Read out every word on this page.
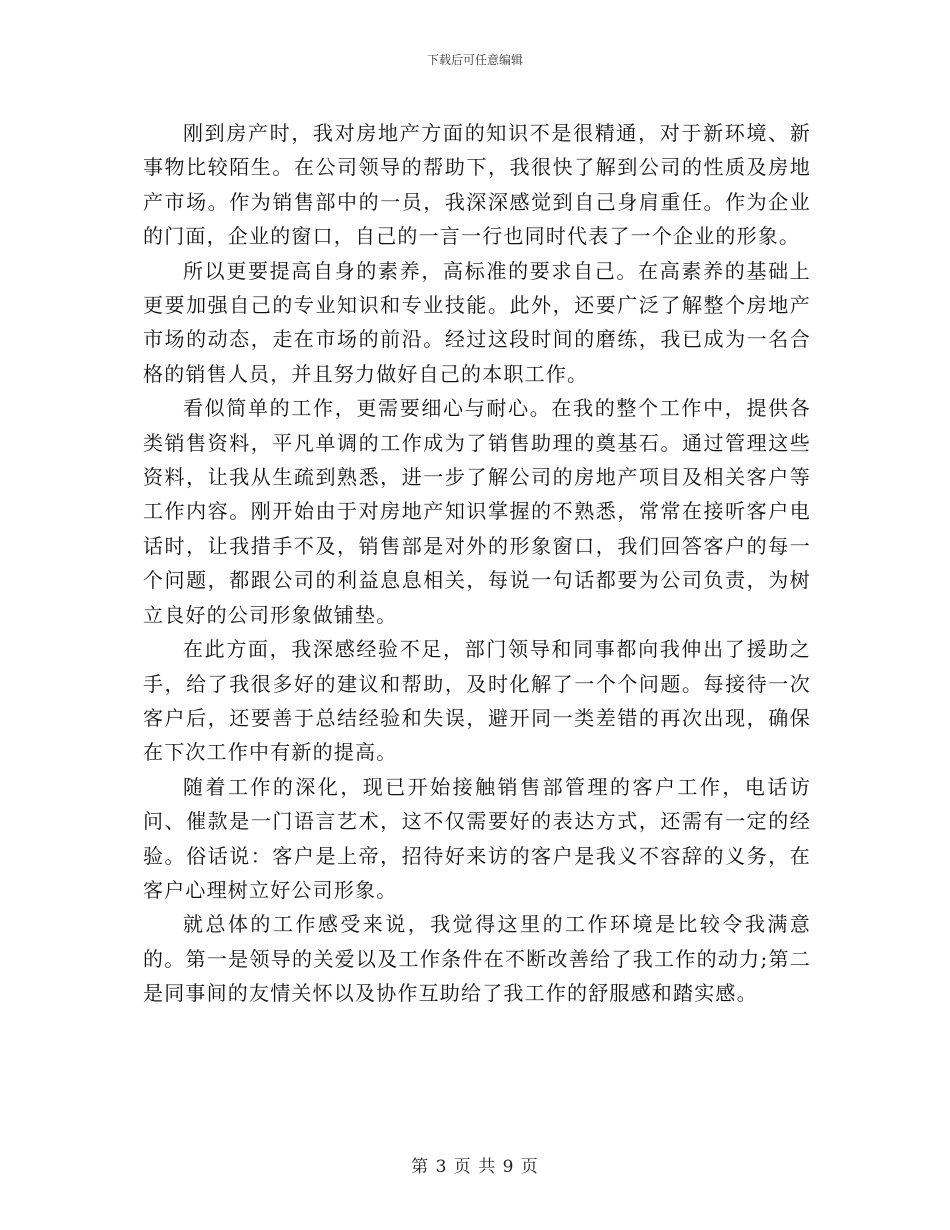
下载后可任意编辑

刚到房产时，我对房地产方面的知识不是很精通，对于新环境、新事物比较陌生。在公司领导的帮助下，我很快了解到公司的性质及房地产市场。作为销售部中的一员，我深深感觉到自己身肩重任。作为企业的门面，企业的窗口，自己的一言一行也同时代表了一个企业的形象。

所以更要提高自身的素养，高标准的要求自己。在高素养的基础上更要加强自己的专业知识和专业技能。此外，还要广泛了解整个房地产市场的动态，走在市场的前沿。经过这段时间的磨练，我已成为一名合格的销售人员，并且努力做好自己的本职工作。

看似简单的工作，更需要细心与耐心。在我的整个工作中，提供各类销售资料，平凡单调的工作成为了销售助理的奠基石。通过管理这些资料，让我从生疏到熟悉，进一步了解公司的房地产项目及相关客户等工作内容。刚开始由于对房地产知识掌握的不熟悉，常常在接听客户电话时，让我措手不及，销售部是对外的形象窗口，我们回答客户的每一个问题，都跟公司的利益息息相关，每说一句话都要为公司负责，为树立良好的公司形象做铺垫。

在此方面，我深感经验不足，部门领导和同事都向我伸出了援助之手，给了我很多好的建议和帮助，及时化解了一个个问题。每接待一次客户后，还要善于总结经验和失误，避开同一类差错的再次出现，确保在下次工作中有新的提高。

随着工作的深化，现已开始接触销售部管理的客户工作，电话访问、催款是一门语言艺术，这不仅需要好的表达方式，还需有一定的经验。俗话说：客户是上帝，招待好来访的客户是我义不容辞的义务，在客户心理树立好公司形象。

就总体的工作感受来说，我觉得这里的工作环境是比较令我满意的。第一是领导的关爱以及工作条件在不断改善给了我工作的动力;第二是同事间的友情关怀以及协作互助给了我工作的舒服感和踏实感。

第 3 页 共 9 页
